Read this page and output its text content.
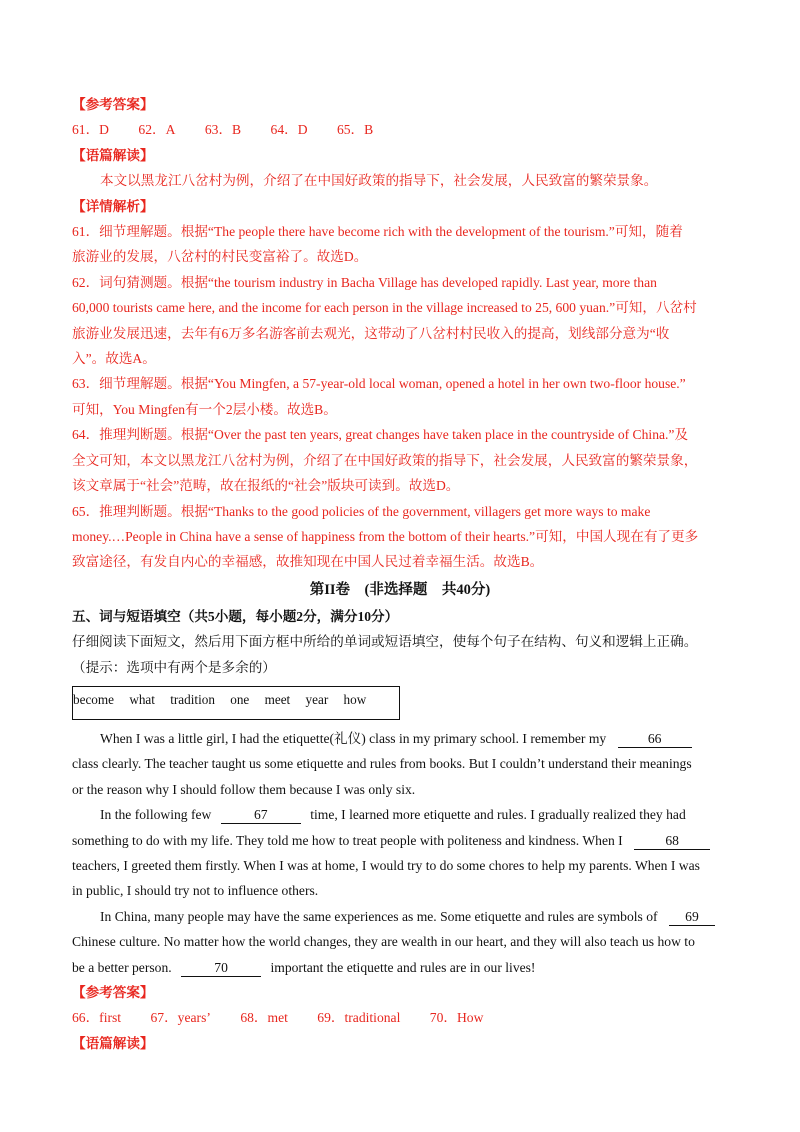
【参考答案】
61．D 62．A 63．B 64．D 65．B
【语篇解读】
本文以黑龙江八岔村为例，介绍了在中国好政策的指导下，社会发展，人民致富的繁荣景象。
【详情解析】
61．细节理解题。根据“The people there have become rich with the development of the tourism.”可知，随着
旅游业的发展，八岔村的村民变富裕了。故选D。
62．词句猜测题。根据“the tourism industry in Bacha Village has developed rapidly. Last year, more than
60,000 tourists came here, and the income for each person in the village increased to 25, 600 yuan.”可知，八岔村
旅游业发展迅速，去年有6万多名游客前去观光，这带动了八岔村村民收入的提高，划线部分意为“收
入”。故选A。
63．细节理解题。根据“You Mingfen, a 57-year-old local woman, opened a hotel in her own two-floor house.”
可知，You Mingfen有一个2层小楼。故选B。
64．推理判断题。根据“Over the past ten years, great changes have taken place in the countryside of China.”及
全文可知，本文以黑龙江八岔村为例，介绍了在中国好政策的指导下，社会发展，人民致富的繁荣景象，
该文章属于“社会”范畴，故在报纸的“社会”版块可读到。故选D。
65．推理判断题。根据“Thanks to the good policies of the government, villagers get more ways to make
money.…People in China have a sense of happiness from the bottom of their hearts.”可知，中国人现在有了更多
致富途径，有发自内心的幸福感，故推知现在中国人民过着幸福生活。故选B。
第II卷　(非选择题　共40分)
五、词与短语填空（共5小题，每小题2分，满分10分）
仔细阅读下面短文，然后用下面方框中所给的单词或短语填空，使每个句子在结构、句义和逻辑上正确。
（提示：选项中有两个是多余的）
become what tradition one meet year how
When I was a little girl, I had the etiquette(礼仪) class in my primary school. I remember my	66
class clearly. The teacher taught us some etiquette and rules from books. But I couldn’t understand their meanings
or the reason why I should follow them because I was only six.
In the following few	67	time, I learned more etiquette and rules. I gradually realized they had
something to do with my life. They told me how to treat people with politeness and kindness. When I	68
teachers, I greeted them firstly. When I was at home, I would try to do some chores to help my parents. When I was
in public, I should try not to influence others.
In China, many people may have the same experiences as me. Some etiquette and rules are symbols of 69
Chinese culture. No matter how the world changes, they are wealth in our heart, and they will also teach us how to
be a better person.	70	important the etiquette and rules are in our lives!
【参考答案】
66．first 67．years’ 68．met 69．traditional 70．How
【语篇解读】
